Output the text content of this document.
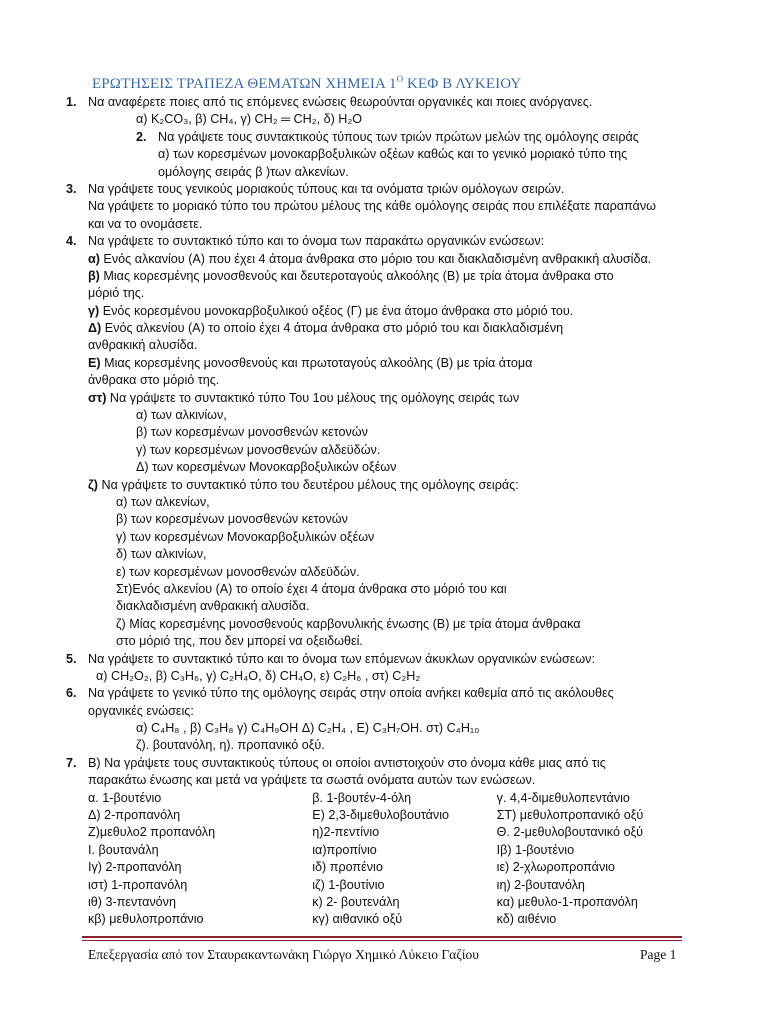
ΕΡΩΤΗΣΕΙΣ ΤΡΑΠΕΖΑ ΘΕΜΑΤΩΝ ΧΗΜΕΙΑ $1^O$ ΚΕΦ Β ΛΥΚΕΙΟΥ
1. Να αναφέρετε ποιες από τις επόμενες ενώσεις θεωρούνται οργανικές και ποιες ανόργανες.
α) K₂CO₃, β) CH₄, γ) CH₂ ═ CH₂, δ) H₂O
2. Να γράψετε τους συντακτικούς τύπους των τριών πρώτων μελών της ομόλογης σειράς
α) των κορεσμένων μονοκαρβοξυλικών οξέων καθώς και το γενικό μοριακό τύπο της
ομόλογης σειράς β )των αλκενίων.
3. Να γράψετε τους γενικούς μοριακούς τύπους και τα ονόματα τριών ομόλογων σειρών.
Να γράψετε το μοριακό τύπο του πρώτου μέλους της κάθε ομόλογης σειράς που επιλέξατε παραπάνω
και να το ονομάσετε.
4. Να γράψετε το συντακτικό τύπο και το όνομα των παρακάτω οργανικών ενώσεων:
α) Ενός αλκανίου (Α) που έχει 4 άτομα άνθρακα στο μόριο του και διακλαδισμένη ανθρακική αλυσίδα.
β) Μιας κορεσμένης μονοσθενούς και δευτεροταγούς αλκοόλης (Β) με τρία άτομα άνθρακα στο
μόριό της.
γ) Ενός κορεσμένου μονοκαρβοξυλικού οξέος (Γ) με ένα άτομο άνθρακα στο μόριό του.
Δ) Ενός αλκενίου (Α) το οποίο έχει 4 άτομα άνθρακα στο μόριό του και διακλαδισμένη
ανθρακική αλυσίδα.
Ε) Μιας κορεσμένης μονοσθενούς και πρωτοταγούς αλκοόλης (Β) με τρία άτομα
άνθρακα στο μόριό της.
στ) Να γράψετε το συντακτικό τύπο Του 1ου μέλους της ομόλογης σειράς των
α) των αλκινίων,
β) των κορεσμένων μονοσθενών κετονών
γ) των κορεσμένων μονοσθενών αλδεϋδών.
Δ) των κορεσμένων Μονοκαρβοξυλικών οξέων
ζ) Να γράψετε το συντακτικό τύπο του δευτέρου μέλους της ομόλογης σειράς:
α) των αλκενίων,
β) των κορεσμένων μονοσθενών κετονών
γ) των κορεσμένων Μονοκαρβοξυλικών οξέων
δ) των αλκινίων,
ε) των κορεσμένων μονοσθενών αλδεϋδών.
Στ)Ενός αλκενίου (Α) το οποίο έχει 4 άτομα άνθρακα στο μόριό του και
διακλαδισμένη ανθρακική αλυσίδα.
ζ) Μίας κορεσμένης μονοσθενούς καρβονυλικής ένωσης (Β) με τρία άτομα άνθρακα
στο μόριό της, που δεν μπορεί να οξειδωθεί.
5. Να γράψετε το συντακτικό τύπο και το όνομα των επόμενων άκυκλων οργανικών ενώσεων:
α) CH₂O₂, β) C₃H₆, γ) C₂H₄O, δ) CH₄O, ε) C₂H₆ , στ) C₂H₂
6. Να γράψετε το γενικό τύπο της ομόλογης σειράς στην οποία ανήκει καθεμία από τις ακόλουθες
οργανικές ενώσεις:
α) C₄H₈ , β) C₃H₈ γ) C₄H₉OH Δ) C₂H₄ , Ε) C₃H₇OH. στ) C₄H₁₀
ζ). βουτανόλη, η). προπανικό οξύ.
7. Β) Να γράψετε τους συντακτικούς τύπους οι οποίοι αντιστοιχούν στο όνομα κάθε μιας από τις
παρακάτω ένωσης και μετά να γράψετε τα σωστά ονόματα αυτών των ενώσεων.
α. 1-βουτένιο	β. 1-βουτέν-4-όλη	γ. 4,4-διμεθυλοπεντάνιο
Δ) 2-προπανόλη	Ε) 2,3-διμεθυλοβουτάνιο	ΣΤ) μεθυλοπροπανικό οξύ
Ζ)μεθυλο2 προπανόλη	η)2-πεντίνιο	Θ. 2-μεθυλοβουτανικό οξύ
Ι. βουτανάλη	ια)προπίνιο	Ιβ) 1-βουτένιο
Ιγ) 2-προπανόλη	ιδ) προπένιο	ιε) 2-χλωροπροπάνιο
ιστ) 1-προπανόλη	ιζ) 1-βουτίνιο	ιη) 2-βουτανόλη
ιθ) 3-πεντανόνη	κ) 2- βουτενάλη	κα) μεθυλο-1-προπανόλη
κβ) μεθυλοπροπάνιο	κγ) αιθανικό οξύ	κδ) αιθένιο
Επεξεργασία από τον Σταυρακαντωνάκη Γιώργο Χημικό Λύκειο Γαζίου	Page 1
